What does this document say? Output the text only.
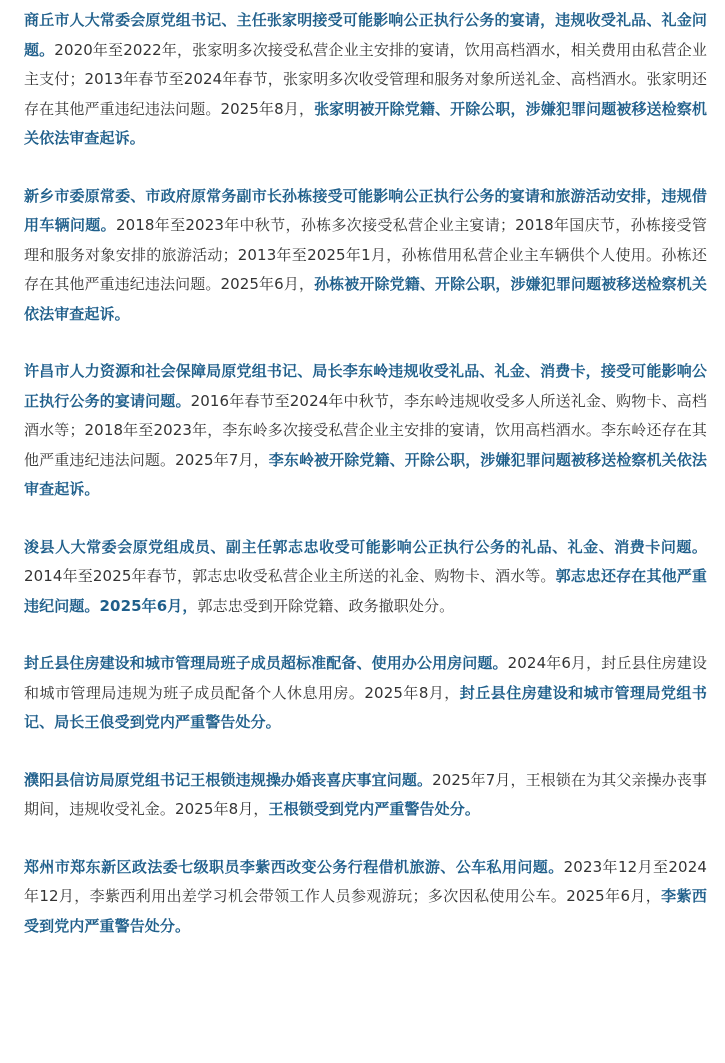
商丘市人大常委会原党组书记、主任张家明接受可能影响公正执行公务的宴请，违规收受礼品、礼金问题。2020年至2022年，张家明多次接受私营企业主安排的宴请，饮用高档酒水，相关费用由私营企业主支付；2013年春节至2024年春节，张家明多次收受管理和服务对象所送礼金、高档酒水。张家明还存在其他严重违纪违法问题。2025年8月，张家明被开除党籍、开除公职，涉嫌犯罪问题被移送检察机关依法审查起诉。

新乡市委原常委、市政府原常务副市长孙栋接受可能影响公正执行公务的宴请和旅游活动安排，违规借用车辆问题。2018年至2023年中秋节，孙栋多次接受私营企业主宴请；2018年国庆节，孙栋接受管理和服务对象安排的旅游活动；2013年至2025年1月，孙栋借用私营企业主车辆供个人使用。孙栋还存在其他严重违纪违法问题。2025年6月，孙栋被开除党籍、开除公职，涉嫌犯罪问题被移送检察机关依法审查起诉。

许昌市人力资源和社会保障局原党组书记、局长李东岭违规收受礼品、礼金、消费卡，接受可能影响公正执行公务的宴请问题。2016年春节至2024年中秋节，李东岭违规收受多人所送礼金、购物卡、高档酒水等；2018年至2023年，李东岭多次接受私营企业主安排的宴请，饮用高档酒水。李东岭还存在其他严重违纪违法问题。2025年7月，李东岭被开除党籍、开除公职，涉嫌犯罪问题被移送检察机关依法审查起诉。

浚县人大常委会原党组成员、副主任郭志忠收受可能影响公正执行公务的礼品、礼金、消费卡问题。2014年至2025年春节，郭志忠收受私营企业主所送的礼金、购物卡、酒水等。郭志忠还存在其他严重违纪问题。2025年6月，郭志忠受到开除党籍、政务撤职处分。

封丘县住房建设和城市管理局班子成员超标准配备、使用办公用房问题。2024年6月，封丘县住房建设和城市管理局违规为班子成员配备个人休息用房。2025年8月，封丘县住房建设和城市管理局党组书记、局长王俍受到党内严重警告处分。

濮阳县信访局原党组书记王根锁违规操办婚丧喜庆事宜问题。2025年7月，王根锁在为其父亲操办丧事期间，违规收受礼金。2025年8月，王根锁受到党内严重警告处分。

郑州市郑东新区政法委七级职员李紫西改变公务行程借机旅游、公车私用问题。2023年12月至2024年12月，李紫西利用出差学习机会带领工作人员参观游玩；多次因私使用公车。2025年6月，李紫西受到党内严重警告处分。
